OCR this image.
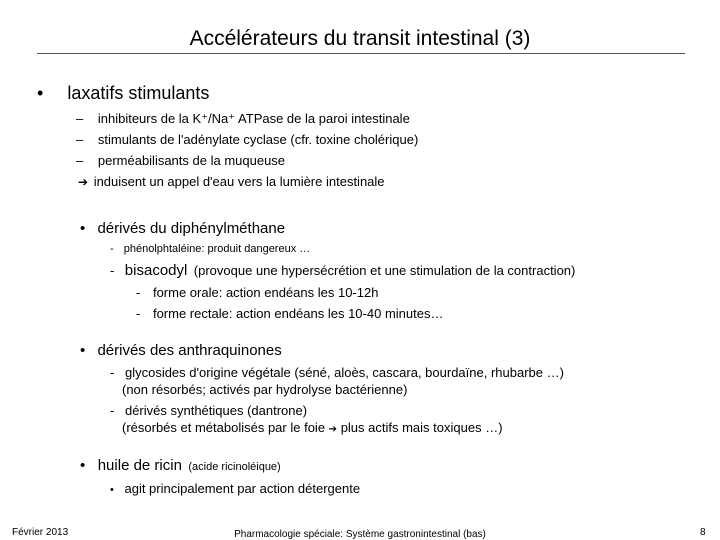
Accélérateurs du transit intestinal (3)
• laxatifs stimulants
– inhibiteurs de la K⁺/Na⁺ ATPase de la paroi intestinale
– stimulants de l'adénylate cyclase (cfr. toxine cholérique)
– perméabilisants de la muqueuse
➔ induisent un appel d'eau vers la lumière intestinale
• dérivés du diphénylméthane
- phénolphtaléine: produit dangereux …
- bisacodyl (provoque une hypersécrétion et une stimulation de la contraction)
- forme orale: action endéans les 10-12h
- forme rectale: action endéans les 10-40 minutes…
• dérivés des anthraquinones
- glycosides d'origine végétale (séné, aloès, cascara, bourdaïne, rhubarbe …)
(non résorbés; activés par hydrolyse bactérienne)
- dérivés synthétiques (dantrone)
(résorbés et métabolisés par le foie ➔ plus actifs mais toxiques …)
• huile de ricin (acide ricinoléique)
• agit principalement par action détergente
Février 2013	Pharmacologie spéciale: Système gastronintestinal (bas)	8
